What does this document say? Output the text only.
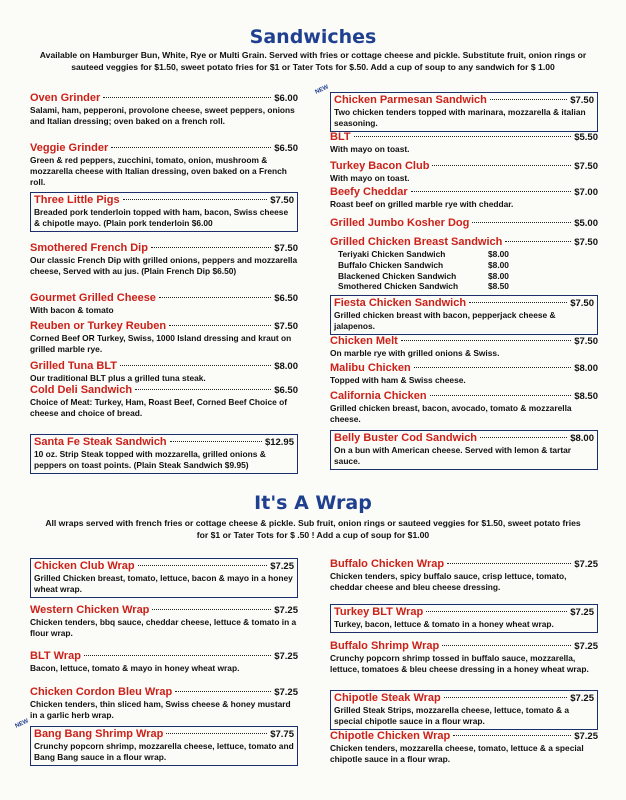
Sandwiches
Available on Hamburger Bun, White, Rye or Multi Grain. Served with fries or cottage cheese and pickle. Substitute fruit, onion rings or sauteed veggies for $1.50, sweet potato fries for $1 or Tater Tots for $.50. Add a cup of soup to any sandwich for $ 1.00
Oven Grinder	$6.00
Salami, ham, pepperoni, provolone cheese, sweet peppers, onions and Italian dressing; oven baked on a french roll.
Veggie Grinder	$6.50
Green & red peppers, zucchini, tomato, onion, mushroom & mozzarella cheese with Italian dressing, oven baked on a French roll.
Three Little Pigs	$7.50
Breaded pork tenderloin topped with ham, bacon, Swiss cheese & chipotle mayo. (Plain pork tenderloin $6.00
Smothered French Dip	$7.50
Our classic French Dip with grilled onions, peppers and mozzarella cheese, Served with au jus. (Plain French Dip $6.50)
Gourmet Grilled Cheese	$6.50
With bacon & tomato
Reuben or Turkey Reuben	$7.50
Corned Beef OR Turkey, Swiss, 1000 Island dressing and kraut on grilled marble rye.
Grilled Tuna BLT	$8.00
Our traditional BLT plus a grilled tuna steak.
Cold Deli Sandwich	$6.50
Choice of Meat: Turkey, Ham, Roast Beef, Corned Beef Choice of cheese and choice of bread.
Santa Fe Steak Sandwich	$12.95
10 oz. Strip Steak topped with mozzarella, grilled onions & peppers on toast points. (Plain Steak Sandwich $9.95)
NEW
Chicken Parmesan Sandwich	$7.50
Two chicken tenders topped with marinara, mozzarella & italian seasoning.
BLT	$5.50
With mayo on toast.
Turkey Bacon Club	$7.50
With mayo on toast.
Beefy Cheddar	$7.00
Roast beef on grilled marble rye with cheddar.
Grilled Jumbo Kosher Dog	$5.00
Grilled Chicken Breast Sandwich	$7.50
Teriyaki Chicken Sandwich	$8.00
Buffalo Chicken Sandwich	$8.00
Blackened Chicken Sandwich	$8.00
Smothered Chicken Sandwich	$8.50
Fiesta Chicken Sandwich	$7.50
Grilled chicken breast with bacon, pepperjack cheese & jalapenos.
Chicken Melt	$7.50
On marble rye with grilled onions & Swiss.
Malibu Chicken	$8.00
Topped with ham & Swiss cheese.
California Chicken	$8.50
Grilled chicken breast, bacon, avocado, tomato & mozzarella cheese.
Belly Buster Cod Sandwich	$8.00
On a bun with American cheese. Served with lemon & tartar sauce.
It's A Wrap
All wraps served with french fries or cottage cheese & pickle. Sub fruit, onion rings or sauteed veggies for $1.50, sweet potato fries for $1 or Tater Tots for $ .50 ! Add a cup of soup for $1.00
Chicken Club Wrap	$7.25
Grilled Chicken breast, tomato, lettuce, bacon & mayo in a honey wheat wrap.
Western Chicken Wrap	$7.25
Chicken tenders, bbq sauce, cheddar cheese, lettuce & tomato in a flour wrap.
BLT Wrap	$7.25
Bacon, lettuce, tomato & mayo in honey wheat wrap.
Chicken Cordon Bleu Wrap	$7.25
Chicken tenders, thin sliced ham, Swiss cheese & honey mustard in a garlic herb wrap.
NEW
Bang Bang Shrimp Wrap	$7.75
Crunchy popcorn shrimp, mozzarella cheese, lettuce, tomato and Bang Bang sauce in a flour wrap.
Buffalo Chicken Wrap	$7.25
Chicken tenders, spicy buffalo sauce, crisp lettuce, tomato, cheddar cheese and bleu cheese dressing.
Turkey BLT Wrap	$7.25
Turkey, bacon, lettuce & tomato in a honey wheat wrap.
Buffalo Shrimp Wrap	$7.25
Crunchy popcorn shrimp tossed in buffalo sauce, mozzarella, lettuce, tomatoes & bleu cheese dressing in a honey wheat wrap.
Chipotle Steak Wrap	$7.25
Grilled Steak Strips, mozzarella cheese, lettuce, tomato & a special chipotle sauce in a flour wrap.
Chipotle Chicken Wrap	$7.25
Chicken tenders, mozzarella cheese, tomato, lettuce & a special chipotle sauce in a flour wrap.
